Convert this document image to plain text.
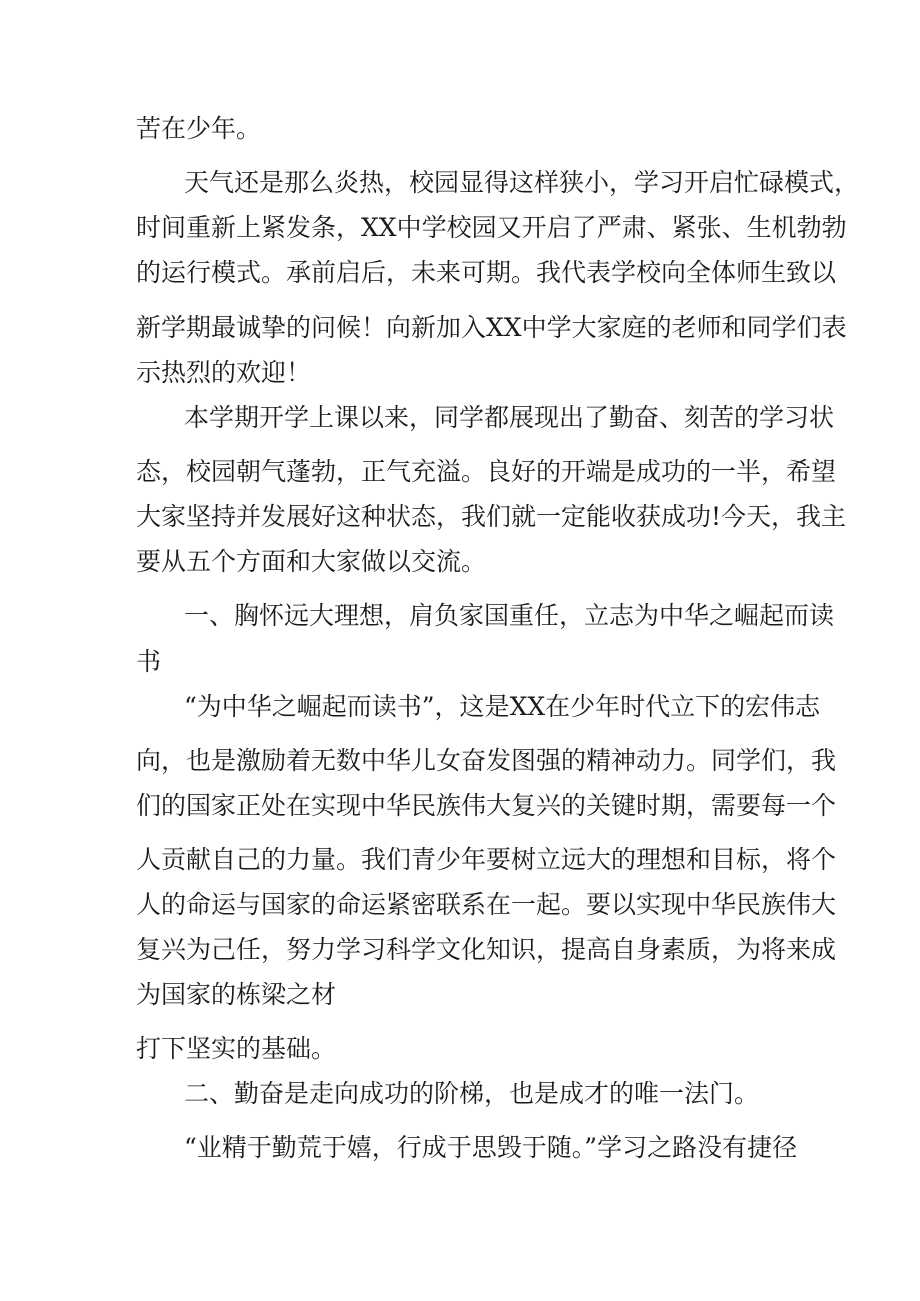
苦在少年。
天气还是那么炎热，校园显得这样狭小，学习开启忙碌模式，
时间重新上紧发条，XX中学校园又开启了严肃、紧张、生机勃勃
的运行模式。承前启后，未来可期。我代表学校向全体师生致以
新学期最诚挚的问候！向新加入XX中学大家庭的老师和同学们表
示热烈的欢迎！
本学期开学上课以来，同学都展现出了勤奋、刻苦的学习状
态，校园朝气蓬勃，正气充溢。良好的开端是成功的一半，希望
大家坚持并发展好这种状态，我们就一定能收获成功!今天，我主
要从五个方面和大家做以交流。
一、胸怀远大理想，肩负家国重任，立志为中华之崛起而读
书
“为中华之崛起而读书”，这是XX在少年时代立下的宏伟志
向，也是激励着无数中华儿女奋发图强的精神动力。同学们，我
们的国家正处在实现中华民族伟大复兴的关键时期，需要每一个
人贡献自己的力量。我们青少年要树立远大的理想和目标，将个
人的命运与国家的命运紧密联系在一起。要以实现中华民族伟大
复兴为己任，努力学习科学文化知识，提高自身素质，为将来成
为国家的栋梁之材
打下坚实的基础。
二、勤奋是走向成功的阶梯，也是成才的唯一法门。
“业精于勤荒于嬉，行成于思毁于随。”学习之路没有捷径
